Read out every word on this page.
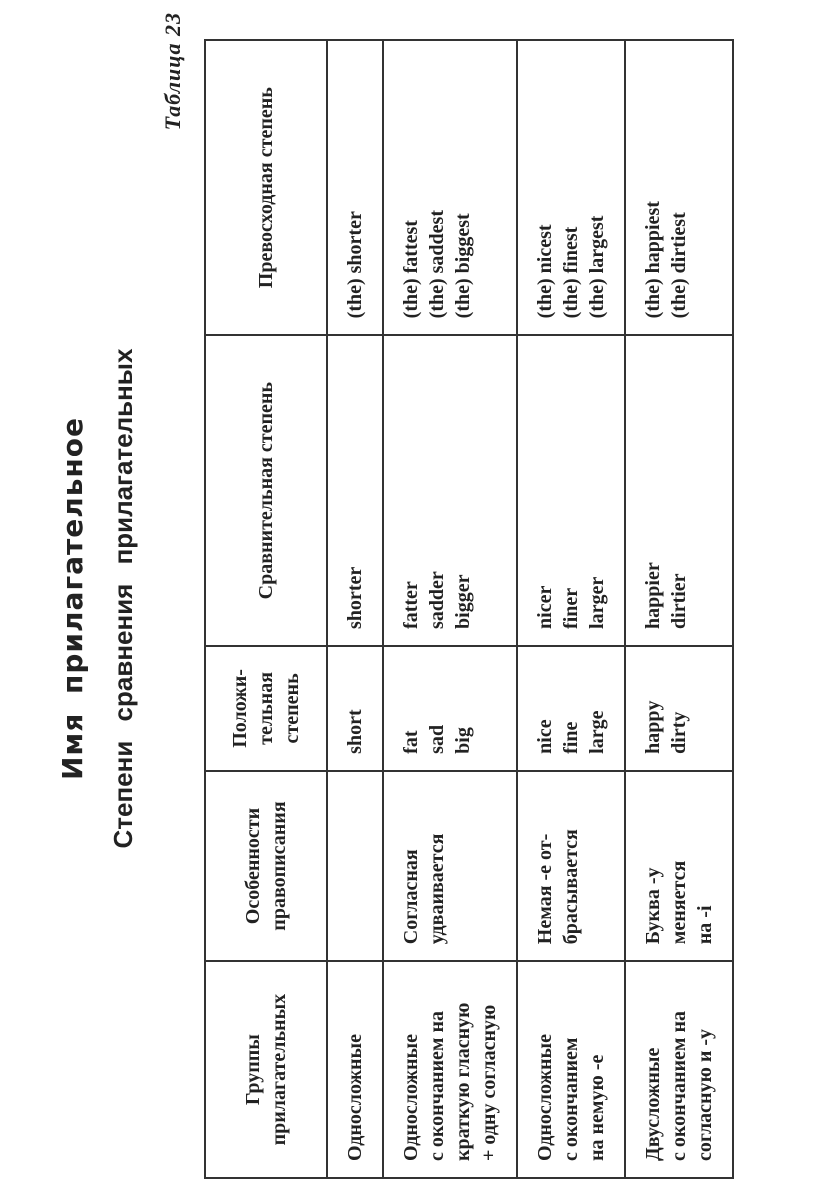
Имя прилагательное Степени сравнения прилагательных
Таблица 23
Группы прилагательных	Особенности правописания	Положи-тельная степень	Сравнительная степень	Превосходная степень

Односложные		short	shorter	(the) shorter

Односложные с окончанием на краткую гласную + одну согласную	Согласная удваивается	fat sad big	fatter sadder bigger	(the) fattest (the) saddest (the) biggest

Односложные с окончанием на немую -e	Немая -e от- брасывается	nice fine large	nicer finer larger	(the) nicest (the) finest (the) largest

Двусложные с окончанием на согласную и -y	Буква -y меняется на -i	happy dirty	happier dirtier	(the) happiest (the) dirtiest
